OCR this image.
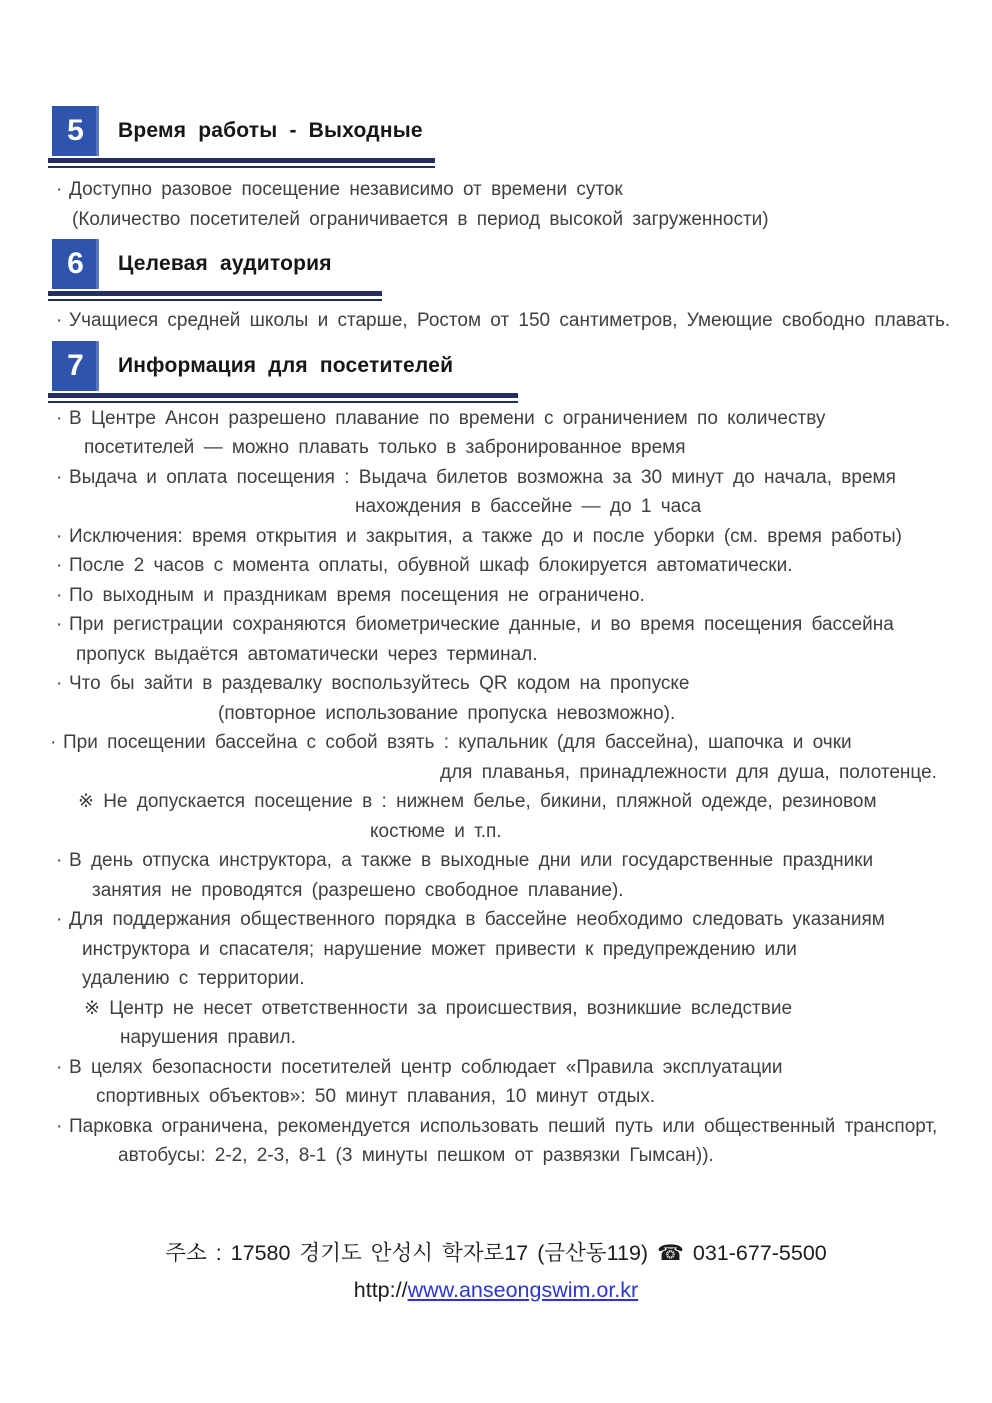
5 Время работы - Выходные

· Доступно разовое посещение независимо от времени суток

(Количество посетителей ограничивается в период высокой загруженности)

6 Целевая аудитория

· Учащиеся средней школы и старше, Ростом от 150 сантиметров, Умеющие свободно плавать.

7 Информация для посетителей

· В Центре Ансон разрешено плавание по времени с ограничением по количеству

посетителей — можно плавать только в забронированное время

· Выдача и оплата посещения : Выдача билетов возможна за 30 минут до начала, время

нахождения в бассейне — до 1 часа

· Исключения: время открытия и закрытия, а также до и после уборки (см. время работы)

· После 2 часов с момента оплаты, обувной шкаф блокируется автоматически.

· По выходным и праздникам время посещения не ограничено.

· При регистрации сохраняются биометрические данные, и во время посещения бассейна

пропуск выдаётся автоматически через терминал.

· Что бы зайти в раздевалку воспользуйтесь QR кодом на пропуске

(повторное использование пропуска невозможно).

· При посещении бассейна с собой взять : купальник (для бассейна), шапочка и очки

для плаванья, принадлежности для душа, полотенце.

※ Не допускается посещение в : нижнем белье, бикини, пляжной одежде, резиновом

костюме и т.п.

· В день отпуска инструктора, а также в выходные дни или государственные праздники

занятия не проводятся (разрешено свободное плавание).

· Для поддержания общественного порядка в бассейне необходимо следовать указаниям

инструктора и спасателя; нарушение может привести к предупреждению или

удалению с территории.

※ Центр не несет ответственности за происшествия, возникшие вследствие

нарушения правил.

· В целях безопасности посетителей центр соблюдает «Правила эксплуатации

спортивных объектов»: 50 минут плавания, 10 минут отдых.

· Парковка ограничена, рекомендуется использовать пеший путь или общественный транспорт,

автобусы: 2-2, 2-3, 8-1 (3 минуты пешком от развязки Гымсан)).

주소 : 17580 경기도 안성시 학자로17 (금산동119) ☎ 031-677-5500

http://www.anseongswim.or.kr
